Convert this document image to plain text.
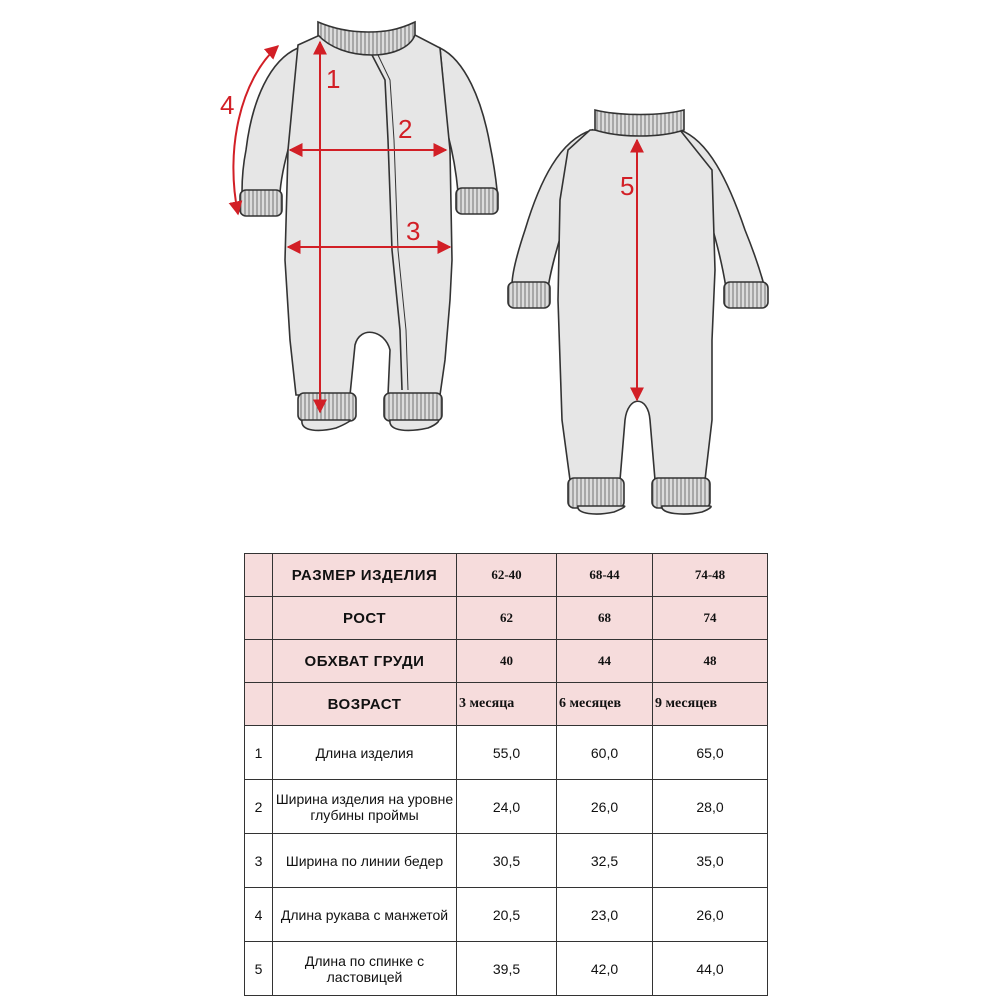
1
2
3
4
5
	РАЗМЕР ИЗДЕЛИЯ	62-40	68-44	74-48
	РОСТ	62	68	74
	ОБХВАТ ГРУДИ	40	44	48
	ВОЗРАСТ	3 месяца	6 месяцев	9 месяцев
1	Длина изделия	55,0	60,0	65,0
2	Ширина изделия на уровне глубины проймы	24,0	26,0	28,0
3	Ширина по линии бедер	30,5	32,5	35,0
4	Длина рукава с манжетой	20,5	23,0	26,0
5	Длина по спинке с ластовицей	39,5	42,0	44,0
